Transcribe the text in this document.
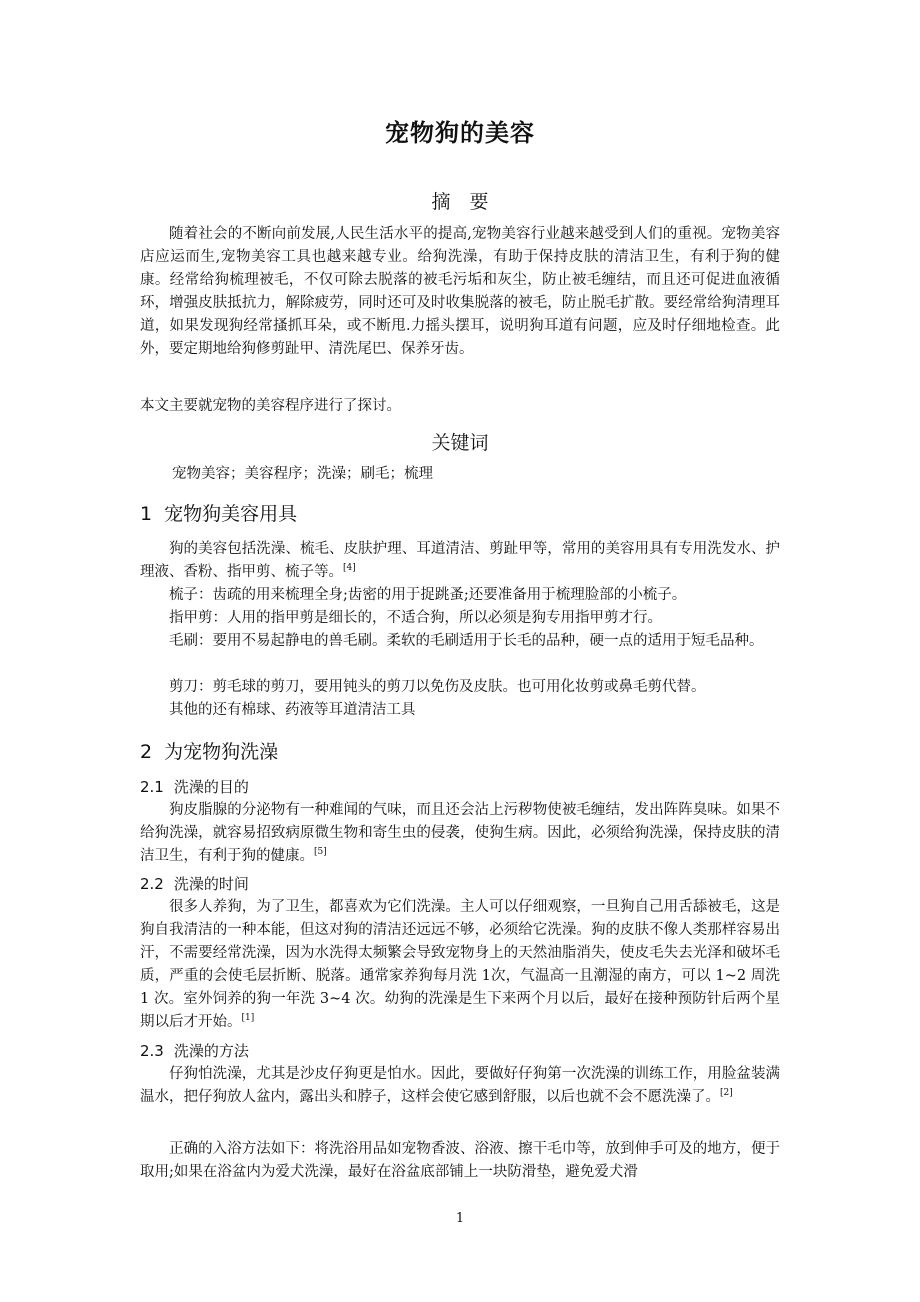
宠物狗的美容
摘　要
随着社会的不断向前发展,人民生活水平的提高,宠物美容行业越来越受到人们的重视。宠物美容店应运而生,宠物美容工具也越来越专业。给狗洗澡，有助于保持皮肤的清洁卫生，有利于狗的健康。经常给狗梳理被毛，不仅可除去脱落的被毛污垢和灰尘，防止被毛缠结，而且还可促进血液循环，增强皮肤抵抗力，解除疲劳，同时还可及时收集脱落的被毛，防止脱毛扩散。要经常给狗清理耳道，如果发现狗经常搔抓耳朵，或不断甩.力摇头摆耳，说明狗耳道有问题，应及时仔细地检查。此外，要定期地给狗修剪趾甲、清洗尾巴、保养牙齿。
本文主要就宠物的美容程序进行了探讨。
关键词
宠物美容；美容程序；洗澡；刷毛；梳理
1 宠物狗美容用具
狗的美容包括洗澡、梳毛、皮肤护理、耳道清洁、剪趾甲等，常用的美容用具有专用洗发水、护理液、香粉、指甲剪、梳子等。[4]
梳子：齿疏的用来梳理全身;齿密的用于捉跳蚤;还要准备用于梳理脸部的小梳子。
指甲剪：人用的指甲剪是细长的，不适合狗，所以必须是狗专用指甲剪才行。
毛刷：要用不易起静电的兽毛刷。柔软的毛刷适用于长毛的品种，硬一点的适用于短毛品种。
剪刀：剪毛球的剪刀，要用钝头的剪刀以免伤及皮肤。也可用化妆剪或鼻毛剪代替。
其他的还有棉球、药液等耳道清洁工具
2 为宠物狗洗澡
2.1 洗澡的目的
狗皮脂腺的分泌物有一种难闻的气味，而且还会沾上污秽物使被毛缠结，发出阵阵臭味。如果不给狗洗澡，就容易招致病原微生物和寄生虫的侵袭，使狗生病。因此，必须给狗洗澡，保持皮肤的清洁卫生，有利于狗的健康。[5]
2.2 洗澡的时间
很多人养狗，为了卫生，都喜欢为它们洗澡。主人可以仔细观察，一旦狗自己用舌舔被毛，这是狗自我清洁的一种本能，但这对狗的清洁还远远不够，必须给它洗澡。狗的皮肤不像人类那样容易出汗，不需要经常洗澡，因为水洗得太频繁会导致宠物身上的天然油脂消失，使皮毛失去光泽和破坏毛质，严重的会使毛层折断、脱落。通常家养狗每月洗 1次，气温高一且潮湿的南方，可以 1~2 周洗 1 次。室外饲养的狗一年洗 3~4 次。幼狗的洗澡是生下来两个月以后，最好在接种预防针后两个星期以后才开始。[1]
2.3 洗澡的方法
仔狗怕洗澡，尤其是沙皮仔狗更是怕水。因此，要做好仔狗第一次洗澡的训练工作，用脸盆装满温水，把仔狗放人盆内，露出头和脖子，这样会使它感到舒服，以后也就不会不愿洗澡了。[2]
正确的入浴方法如下：将洗浴用品如宠物香波、浴液、擦干毛巾等，放到伸手可及的地方，便于取用;如果在浴盆内为爱犬洗澡，最好在浴盆底部铺上一块防滑垫，避免爱犬滑
1
